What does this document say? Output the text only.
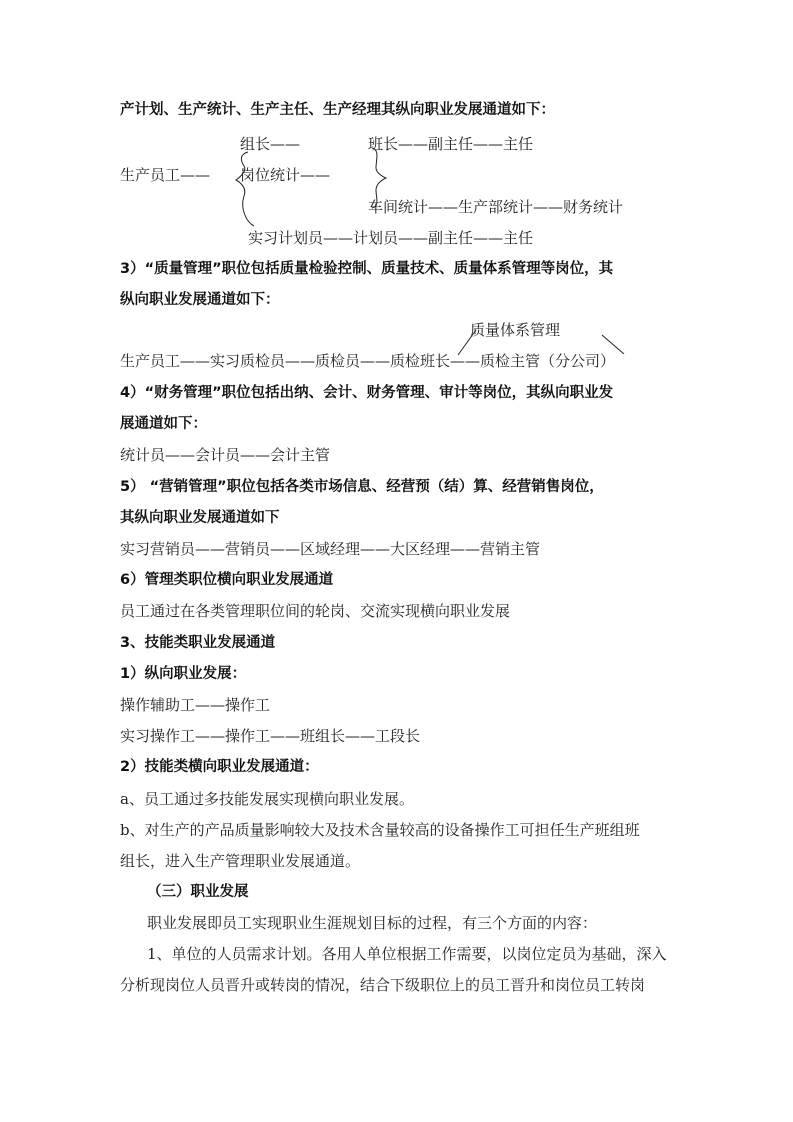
产计划、生产统计、生产主任、生产经理其纵向职业发展通道如下：
组长——	班长——副主任——主任
生产员工—— 岗位统计——
车间统计——生产部统计——财务统计
实习计划员——计划员——副主任——主任
3）“质量管理”职位包括质量检验控制、质量技术、质量体系管理等岗位，其
纵向职业发展通道如下：
质量体系管理
生产员工——实习质检员——质检员——质检班长——质检主管（分公司）
4）“财务管理”职位包括出纳、会计、财务管理、审计等岗位，其纵向职业发
展通道如下：
统计员——会计员——会计主管
5） “营销管理”职位包括各类市场信息、经营预（结）算、经营销售岗位，
其纵向职业发展通道如下
实习营销员——营销员——区域经理——大区经理——营销主管
6）管理类职位横向职业发展通道
员工通过在各类管理职位间的轮岗、交流实现横向职业发展
3、技能类职业发展通道
1）纵向职业发展：
操作辅助工——操作工
实习操作工——操作工——班组长——工段长
2）技能类横向职业发展通道：
a、员工通过多技能发展实现横向职业发展。
b、对生产的产品质量影响较大及技术含量较高的设备操作工可担任生产班组班
组长，进入生产管理职业发展通道。
（三）职业发展
职业发展即员工实现职业生涯规划目标的过程，有三个方面的内容：
1、单位的人员需求计划。各用人单位根据工作需要，以岗位定员为基础，深入
分析现岗位人员晋升或转岗的情况，结合下级职位上的员工晋升和岗位员工转岗
